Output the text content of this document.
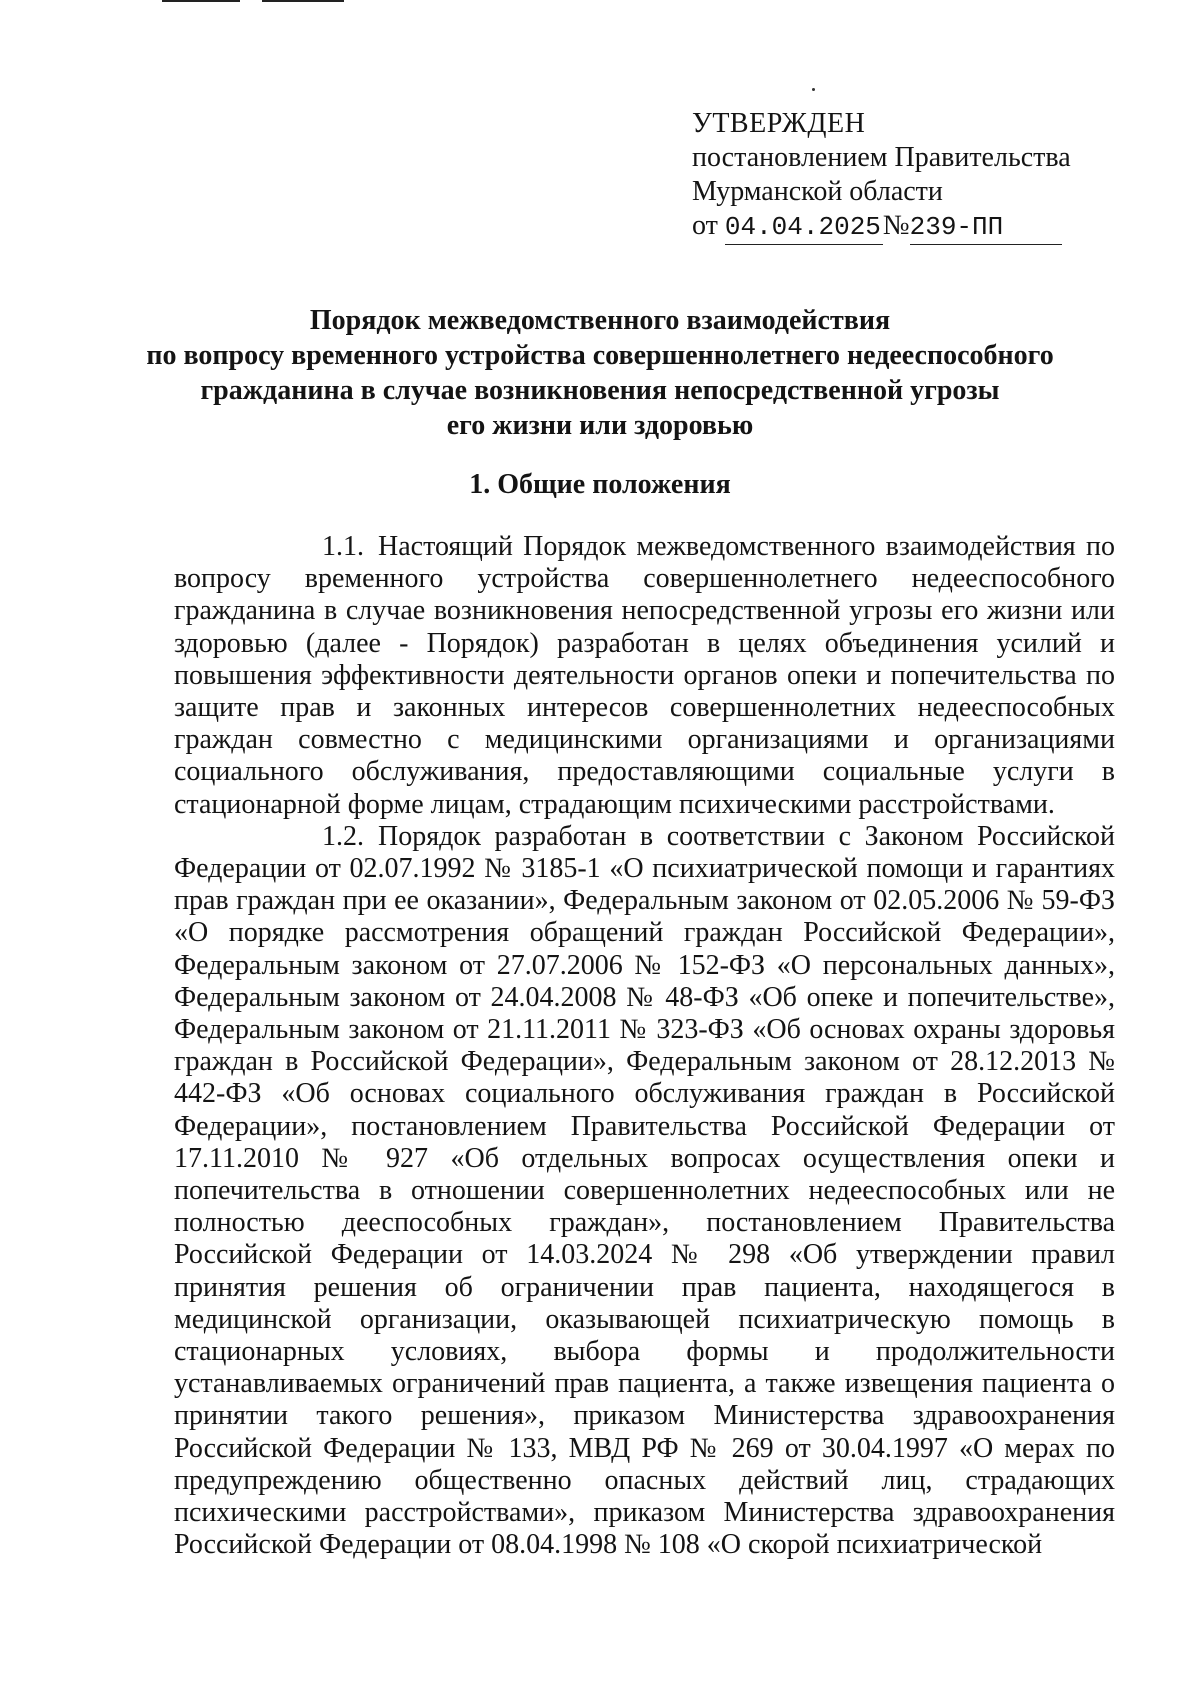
УТВЕРЖДЕН
постановлением Правительства
Мурманской области
от 04.04.2025№239-ПП
Порядок межведомственного взаимодействия
по вопросу временного устройства совершеннолетнего недееспособного
гражданина в случае возникновения непосредственной угрозы
его жизни или здоровью
1. Общие положения

1.1. Настоящий Порядок межведомственного взаимодействия по вопросу временного устройства совершеннолетнего недееспособного гражданина в случае возникновения непосредственной угрозы его жизни или здоровью (далее - Порядок) разработан в целях объединения усилий и повышения эффективности деятельности органов опеки и попечительства по защите прав и законных интересов совершеннолетних недееспособных граждан совместно с медицинскими организациями и организациями социального обслуживания, предоставляющими социальные услуги в стационарной форме лицам, страдающим психическими расстройствами.

1.2. Порядок разработан в соответствии с Законом Российской Федерации от 02.07.1992 № 3185-1 «О психиатрической помощи и гарантиях прав граждан при ее оказании», Федеральным законом от 02.05.2006 № 59-ФЗ «О порядке рассмотрения обращений граждан Российской Федерации», Федеральным законом от 27.07.2006 № 152-ФЗ «О персональных данных», Федеральным законом от 24.04.2008 № 48-ФЗ «Об опеке и попечительстве», Федеральным законом от 21.11.2011 № 323-ФЗ «Об основах охраны здоровья граждан в Российской Федерации», Федеральным законом от 28.12.2013 № 442-ФЗ «Об основах социального обслуживания граждан в Российской Федерации», постановлением Правительства Российской Федерации от 17.11.2010 № 927 «Об отдельных вопросах осуществления опеки и попечительства в отношении совершеннолетних недееспособных или не полностью дееспособных граждан», постановлением Правительства Российской Федерации от 14.03.2024 № 298 «Об утверждении правил принятия решения об ограничении прав пациента, находящегося в медицинской организации, оказывающей психиатрическую помощь в стационарных условиях, выбора формы и продолжительности устанавливаемых ограничений прав пациента, а также извещения пациента о принятии такого решения», приказом Министерства здравоохранения Российской Федерации № 133, МВД РФ № 269 от 30.04.1997 «О мерах по предупреждению общественно опасных действий лиц, страдающих психическими расстройствами», приказом Министерства здравоохранения Российской Федерации от 08.04.1998 № 108 «О скорой психиатрической
